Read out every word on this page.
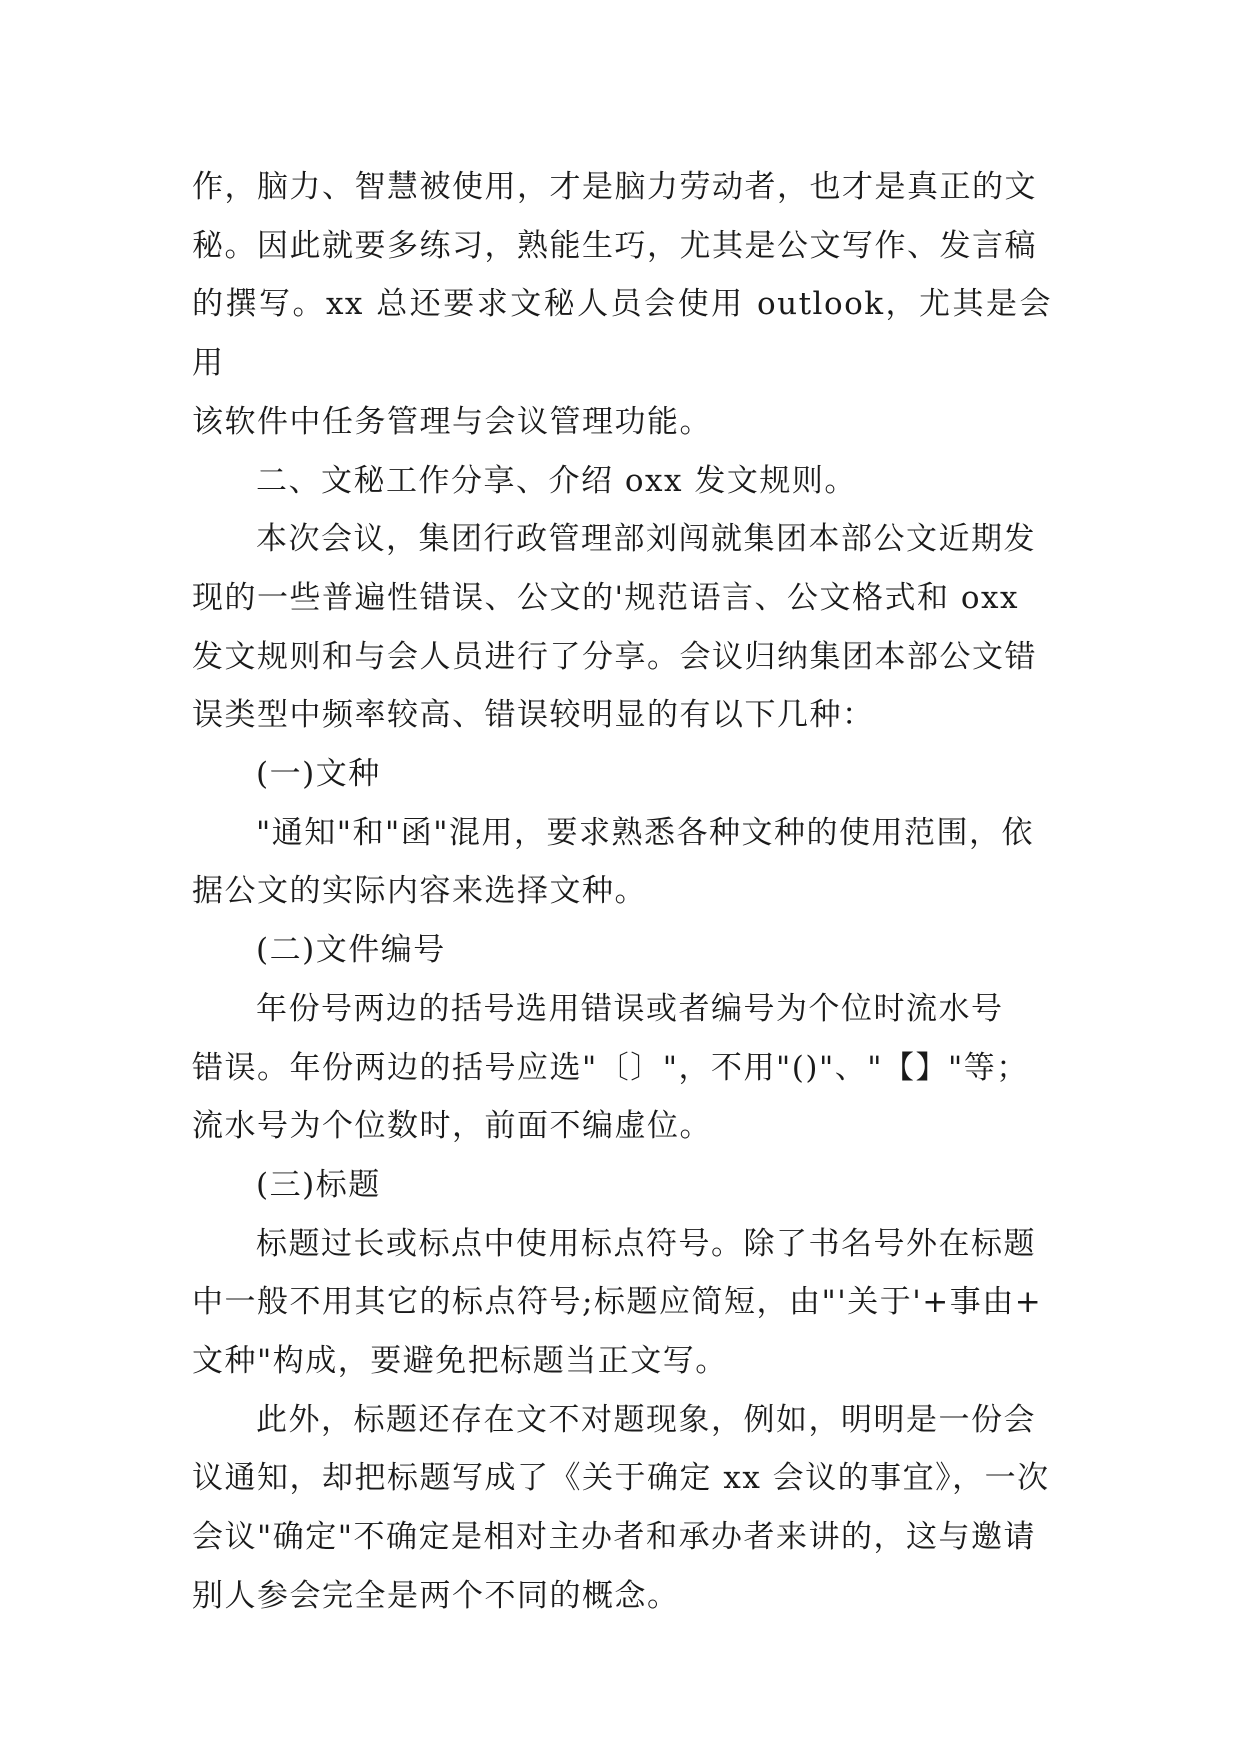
作，脑力、智慧被使用，才是脑力劳动者，也才是真正的文
秘。因此就要多练习，熟能生巧，尤其是公文写作、发言稿
的撰写。xx 总还要求文秘人员会使用 outlook，尤其是会用
该软件中任务管理与会议管理功能。

二、文秘工作分享、介绍 oxx 发文规则。

本次会议，集团行政管理部刘闯就集团本部公文近期发
现的一些普遍性错误、公文的'规范语言、公文格式和 oxx
发文规则和与会人员进行了分享。会议归纳集团本部公文错
误类型中频率较高、错误较明显的有以下几种：

(一)文种

"通知"和"函"混用，要求熟悉各种文种的使用范围，依
据公文的实际内容来选择文种。

(二)文件编号

年份号两边的括号选用错误或者编号为个位时流水号
错误。年份两边的括号应选"〔〕"，不用"()"、"【】"等；
流水号为个位数时，前面不编虚位。

(三)标题

标题过长或标点中使用标点符号。除了书名号外在标题
中一般不用其它的标点符号;标题应简短，由"'关于'+事由+
文种"构成，要避免把标题当正文写。

此外，标题还存在文不对题现象，例如，明明是一份会
议通知，却把标题写成了《关于确定 xx 会议的事宜》，一次
会议"确定"不确定是相对主办者和承办者来讲的，这与邀请
别人参会完全是两个不同的概念。
